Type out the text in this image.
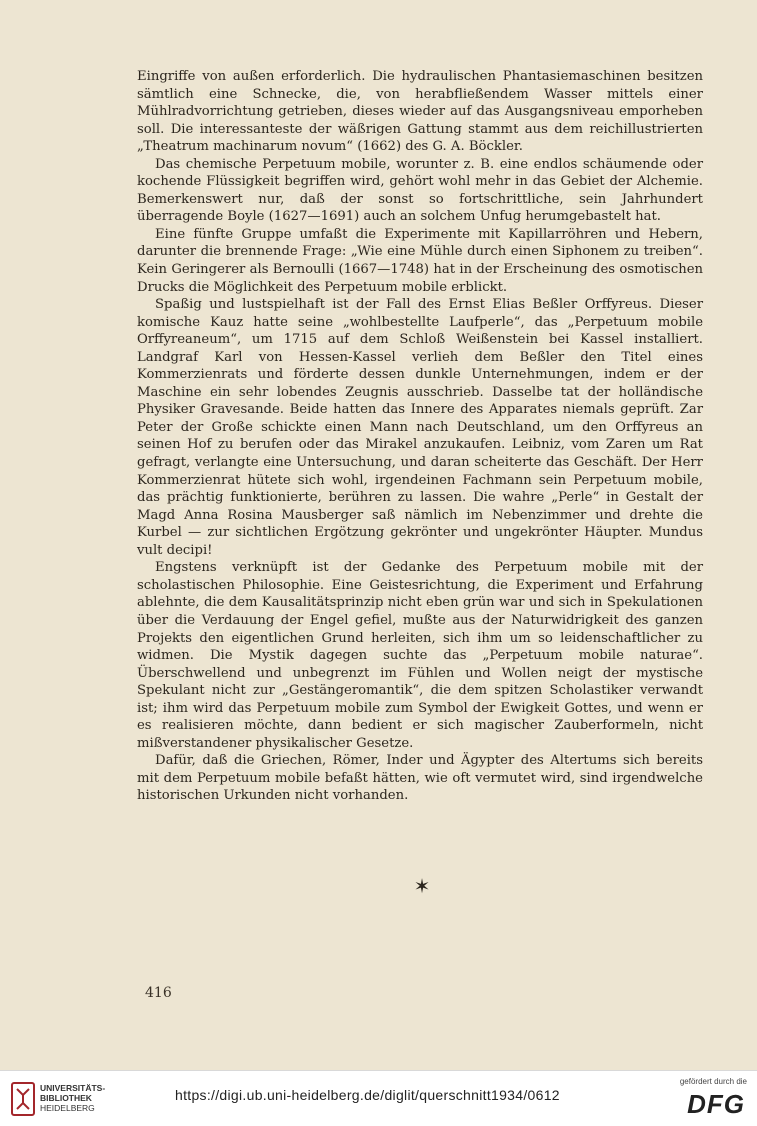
Eingriffe von außen erforderlich. Die hydraulischen Phantasiemaschinen besitzen sämtlich eine Schnecke, die, von herabfließendem Wasser mittels einer Mühlradvorrichtung getrieben, dieses wieder auf das Ausgangsniveau emporheben soll. Die interessanteste der wäßrigen Gattung stammt aus dem reichillustrierten „Theatrum machinarum novum“ (1662) des G. A. Böckler.

Das chemische Perpetuum mobile, worunter z. B. eine endlos schäumende oder kochende Flüssigkeit begriffen wird, gehört wohl mehr in das Gebiet der Alchemie. Bemerkenswert nur, daß der sonst so fortschrittliche, sein Jahrhundert überragende Boyle (1627—1691) auch an solchem Unfug herumgebastelt hat.

Eine fünfte Gruppe umfaßt die Experimente mit Kapillarröhren und Hebern, darunter die brennende Frage: „Wie eine Mühle durch einen Siphonem zu treiben“. Kein Geringerer als Bernoulli (1667—1748) hat in der Erscheinung des osmotischen Drucks die Möglichkeit des Perpetuum mobile erblickt.

Spaßig und lustspielhaft ist der Fall des Ernst Elias Beßler Orffyreus. Dieser komische Kauz hatte seine „wohlbestellte Laufperle“, das „Perpetuum mobile Orffyreaneum“, um 1715 auf dem Schloß Weißenstein bei Kassel installiert. Landgraf Karl von Hessen-Kassel verlieh dem Beßler den Titel eines Kommerzienrats und förderte dessen dunkle Unternehmungen, indem er der Maschine ein sehr lobendes Zeugnis ausschrieb. Dasselbe tat der holländische Physiker Gravesande. Beide hatten das Innere des Apparates niemals geprüft. Zar Peter der Große schickte einen Mann nach Deutschland, um den Orffyreus an seinen Hof zu berufen oder das Mirakel anzukaufen. Leibniz, vom Zaren um Rat gefragt, verlangte eine Untersuchung, und daran scheiterte das Geschäft. Der Herr Kommerzienrat hütete sich wohl, irgendeinen Fachmann sein Perpetuum mobile, das prächtig funktionierte, berühren zu lassen. Die wahre „Perle“ in Gestalt der Magd Anna Rosina Mausberger saß nämlich im Nebenzimmer und drehte die Kurbel — zur sichtlichen Ergötzung gekrönter und ungekrönter Häupter. Mundus vult decipi!

Engstens verknüpft ist der Gedanke des Perpetuum mobile mit der scholastischen Philosophie. Eine Geistesrichtung, die Experiment und Erfahrung ablehnte, die dem Kausalitätsprinzip nicht eben grün war und sich in Spekulationen über die Verdauung der Engel gefiel, mußte aus der Naturwidrigkeit des ganzen Projekts den eigentlichen Grund herleiten, sich ihm um so leidenschaftlicher zu widmen. Die Mystik dagegen suchte das „Perpetuum mobile naturae“. Überschwellend und unbegrenzt im Fühlen und Wollen neigt der mystische Spekulant nicht zur „Gestängeromantik“, die dem spitzen Scholastiker verwandt ist; ihm wird das Perpetuum mobile zum Symbol der Ewigkeit Gottes, und wenn er es realisieren möchte, dann bedient er sich magischer Zauberformeln, nicht mißverstandener physikalischer Gesetze.

Dafür, daß die Griechen, Römer, Inder und Ägypter des Altertums sich bereits mit dem Perpetuum mobile befaßt hätten, wie oft vermutet wird, sind irgendwelche historischen Urkunden nicht vorhanden.

✶
416
UNIVERSITÄTS-
BIBLIOTHEK
HEIDELBERG
https://digi.ub.uni-heidelberg.de/diglit/querschnitt1934/0612
gefördert durch die
DFG
